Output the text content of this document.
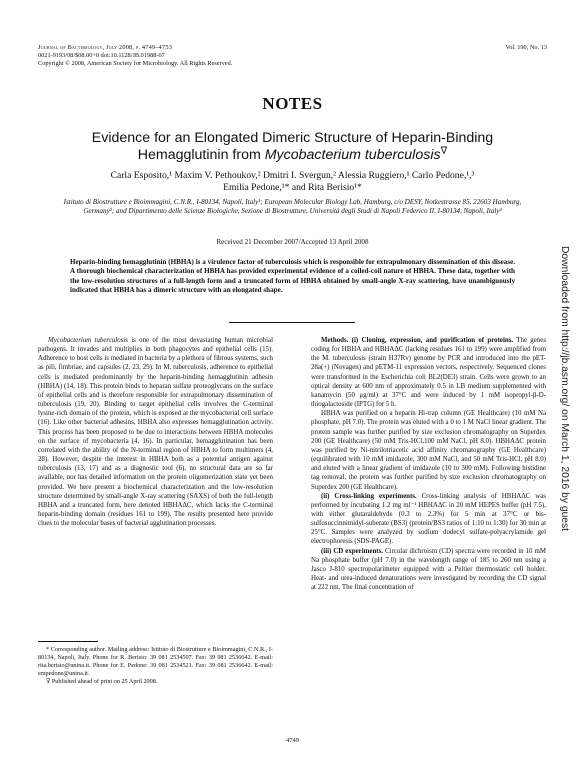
Journal of Bacteriology, July 2008, p. 4749–4753
0021-9193/08/$08.00+0 doi:10.1128/JB.01988-07
Copyright © 2008, American Society for Microbiology. All Rights Reserved.
Vol. 190, No. 13
NOTES
Evidence for an Elongated Dimeric Structure of Heparin-Binding
Hemagglutinin from Mycobacterium tuberculosis∇
Carla Esposito,¹ Maxim V. Pethoukov,² Dmitri I. Svergun,² Alessia Ruggiero,¹ Carlo Pedone,¹,³
Emilia Pedone,¹* and Rita Berisio¹*
Istituto di Biostrutture e Bioimmagini, C.N.R., I-80134, Napoli, Italy¹; European Molecular Biology Lab, Hamburg, c/o DESY, Notkestrasse 85, 22603 Hamburg, Germany²; and Dipartimento delle Scienze Biologiche, Sezione di Biostrutture, Università degli Studi di Napoli Federico II, I-80134, Napoli, Italy³
Received 21 December 2007/Accepted 13 April 2008
Heparin-binding hemagglutinin (HBHA) is a virulence factor of tuberculosis which is responsible for extrapulmonary dissemination of this disease. A thorough biochemical characterization of HBHA has provided experimental evidence of a coiled-coil nature of HBHA. These data, together with the low-resolution structures of a full-length form and a truncated form of HBHA obtained by small-angle X-ray scattering, have unambiguously indicated that HBHA has a dimeric structure with an elongated shape.

Mycobacterium tuberculosis is one of the most devastating human microbial pathogens. It invades and multiplies in both phagocytes and epithelial cells (15). Adherence to host cells is mediated in bacteria by a plethora of fibrous systems, such as pili, fimbriae, and capsules (2, 23, 29). In M. tuberculosis, adherence to epithelial cells is mediated predominantly by the heparin-binding hemagglutinin adhesin (HBHA) (14, 18). This protein binds to heparan sulfate proteoglycans on the surface of epithelial cells and is therefore responsible for extrapulmonary dissemination of tuberculosis (19, 20). Binding to target epithelial cells involves the C-terminal lysine-rich domain of the protein, which is exposed at the mycobacterial cell surface (16). Like other bacterial adhesins, HBHA also expresses hemagglutination activity. This process has been proposed to be due to interactions between HBHA molecules on the surface of mycobacteria (4, 16). In particular, hemagglutination has been correlated with the ability of the N-terminal region of HBHA to form multimers (4, 28). However, despite the interest in HBHA both as a potential antigen against tuberculosis (13, 17) and as a diagnostic tool (6), no structural data are so far available, nor has detailed information on the protein oligomerization state yet been provided. We here present a biochemical characterization and the low-resolution structure determined by small-angle X-ray scattering (SAXS) of both the full-length HBHA and a truncated form, here denoted HBHAΔC, which lacks the C-terminal heparin-binding domain (residues 161 to 199). The results presented here provide clues to the molecular bases of bacterial agglutination processes.

Methods. (i) Cloning, expression, and purification of proteins. The genes coding for HBHA and HBHAΔC (lacking residues 161 to 199) were amplified from the M. tuberculosis (strain H37Rv) genome by PCR and introduced into the pET-28a(+) (Novagen) and pETM-11 expression vectors, respectively. Sequenced clones were transformed in the Escherichia coli BL2(DE3) strain. Cells were grown to an optical density at 600 nm of approximately 0.5 in LB medium supplemented with kanamycin (50 μg/ml) at 37°C and were induced by 1 mM isopropyl-β-D-thiogalactoside (IPTG) for 5 h.

HBHA was purified on a heparin Hi-trap column (GE Healthcare) (10 mM Na phosphate, pH 7.0). The protein was eluted with a 0 to 1 M NaCl linear gradient. The protein sample was further purified by size exclusion chromatography on Superdex 200 (GE Healthcare) (50 mM Tris-HCl,100 mM NaCl, pH 8.0). HBHAΔC protein was purified by Ni-nitrilotriacetic acid affinity chromatography (GE Healthcare) (equilibrated with 10 mM imidazole, 300 mM NaCl, and 50 mM Tris-HCl, pH 8.0) and eluted with a linear gradient of imidazole (10 to 300 mM). Following histidine tag removal, the protein was further purified by size exclusion chromatography on Superdex 200 (GE Healthcare).

(ii) Cross-linking experiments. Cross-linking analysis of HBHAΔC was performed by incubating 1.2 mg ml⁻¹ HBHAΔC in 20 mM HEPES buffer (pH 7.5), with either glutaraldehyde (0.3 to 2.3%) for 5 min at 37°C or bis-sulfosuccinnimidyl-suberate (BS3) (protein/BS3 ratios of 1:10 to 1:30) for 30 min at 25°C. Samples were analyzed by sodium dodecyl sulfate-polyacrylamide gel electrophoresis (SDS-PAGE).

(iii) CD experiments. Circular dichroism (CD) spectra were recorded in 10 mM Na phosphate buffer (pH 7.0) in the wavelength range of 185 to 260 nm using a Jasco J-810 spectropolarimeter equipped with a Peltier thermostatic cell holder. Heat- and urea-induced denaturations were investigated by recording the CD signal at 222 nm. The final concentration of

* Corresponding author. Mailing address: Istituto di Biostrutture e Bioimmagini, C.N.R., I-80134, Napoli, Italy. Phone for R. Berisio: 39 081 2534507. Fax: 39 081 2536642. E-mail: rita.berisio@unina.it. Phone for E. Pedone: 39 081 2534521. Fax: 39 081 2536642. E-mail: empedone@unina.it.

∇ Published ahead of print on 25 April 2008.

4749
Downloaded from http://jb.asm.org/ on March 1, 2016 by guest
